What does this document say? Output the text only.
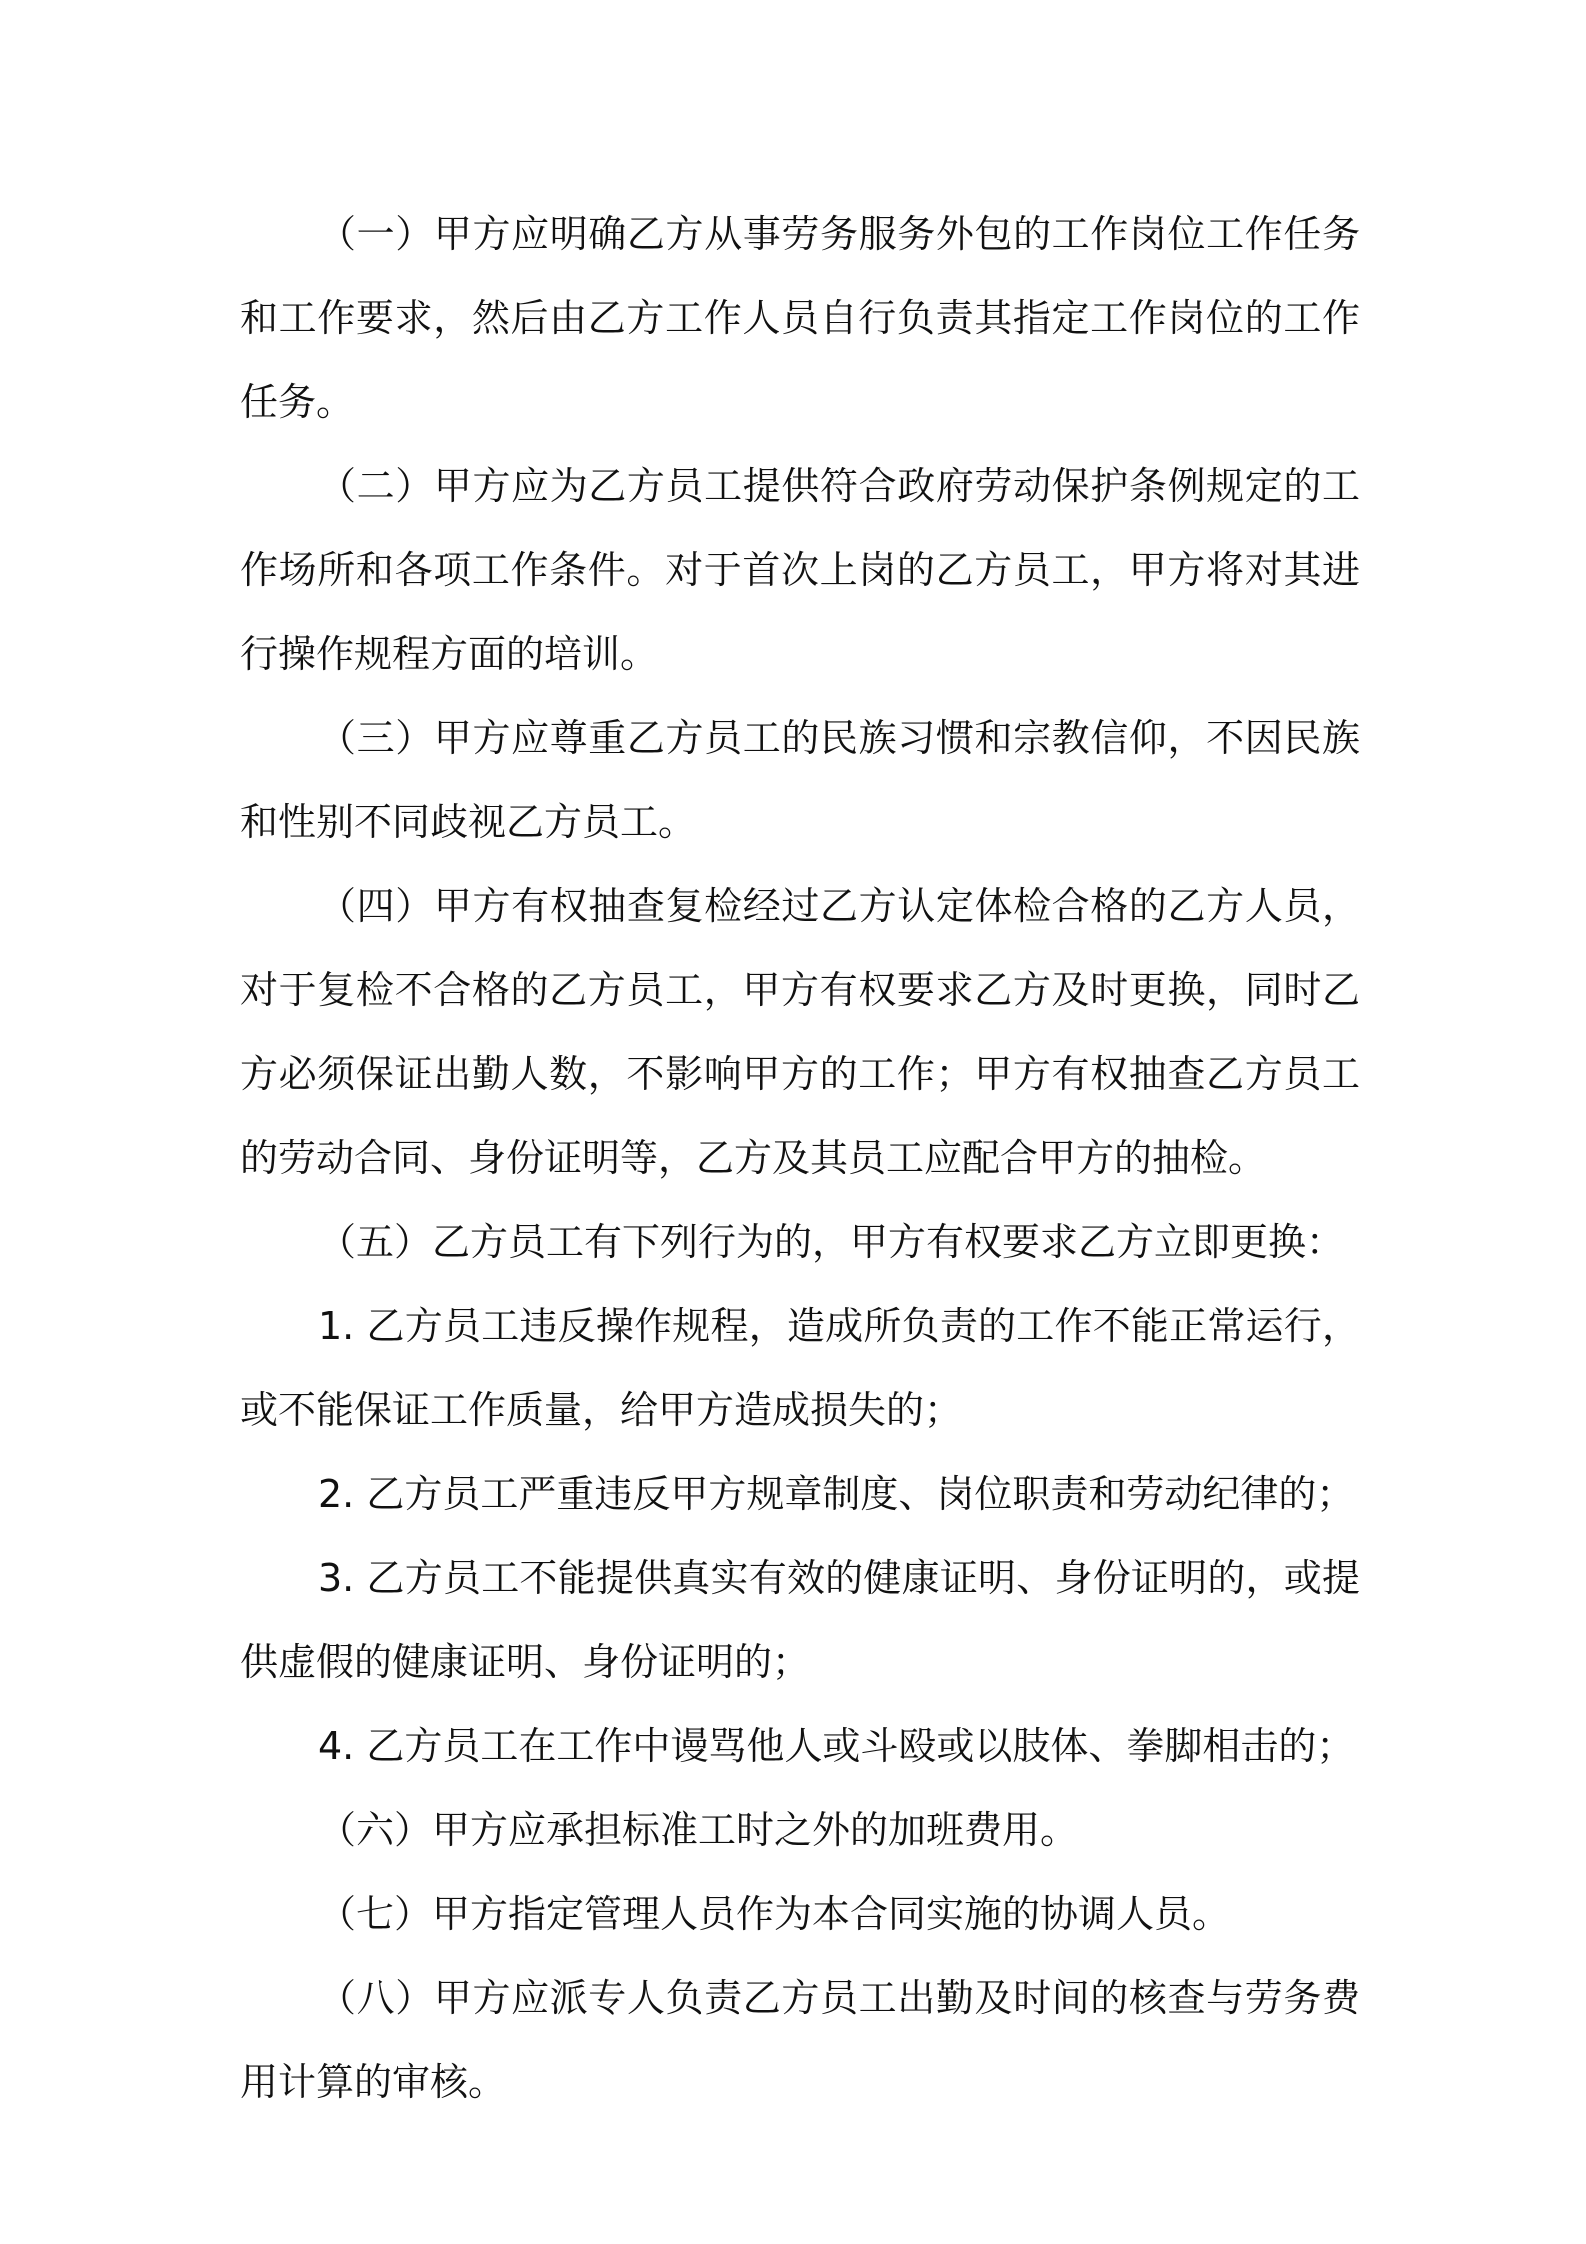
（一）甲方应明确乙方从事劳务服务外包的工作岗位工作任务和工作要求，然后由乙方工作人员自行负责其指定工作岗位的工作任务。

（二）甲方应为乙方员工提供符合政府劳动保护条例规定的工作场所和各项工作条件。对于首次上岗的乙方员工，甲方将对其进行操作规程方面的培训。

（三）甲方应尊重乙方员工的民族习惯和宗教信仰，不因民族和性别不同歧视乙方员工。

（四）甲方有权抽查复检经过乙方认定体检合格的乙方人员，对于复检不合格的乙方员工，甲方有权要求乙方及时更换，同时乙方必须保证出勤人数，不影响甲方的工作；甲方有权抽查乙方员工的劳动合同、身份证明等，乙方及其员工应配合甲方的抽检。

（五）乙方员工有下列行为的，甲方有权要求乙方立即更换：

1. 乙方员工违反操作规程，造成所负责的工作不能正常运行，或不能保证工作质量，给甲方造成损失的；

2. 乙方员工严重违反甲方规章制度、岗位职责和劳动纪律的；

3. 乙方员工不能提供真实有效的健康证明、身份证明的，或提供虚假的健康证明、身份证明的；

4. 乙方员工在工作中谩骂他人或斗殴或以肢体、拳脚相击的；

（六）甲方应承担标准工时之外的加班费用。

（七）甲方指定管理人员作为本合同实施的协调人员。

（八）甲方应派专人负责乙方员工出勤及时间的核查与劳务费用计算的审核。
